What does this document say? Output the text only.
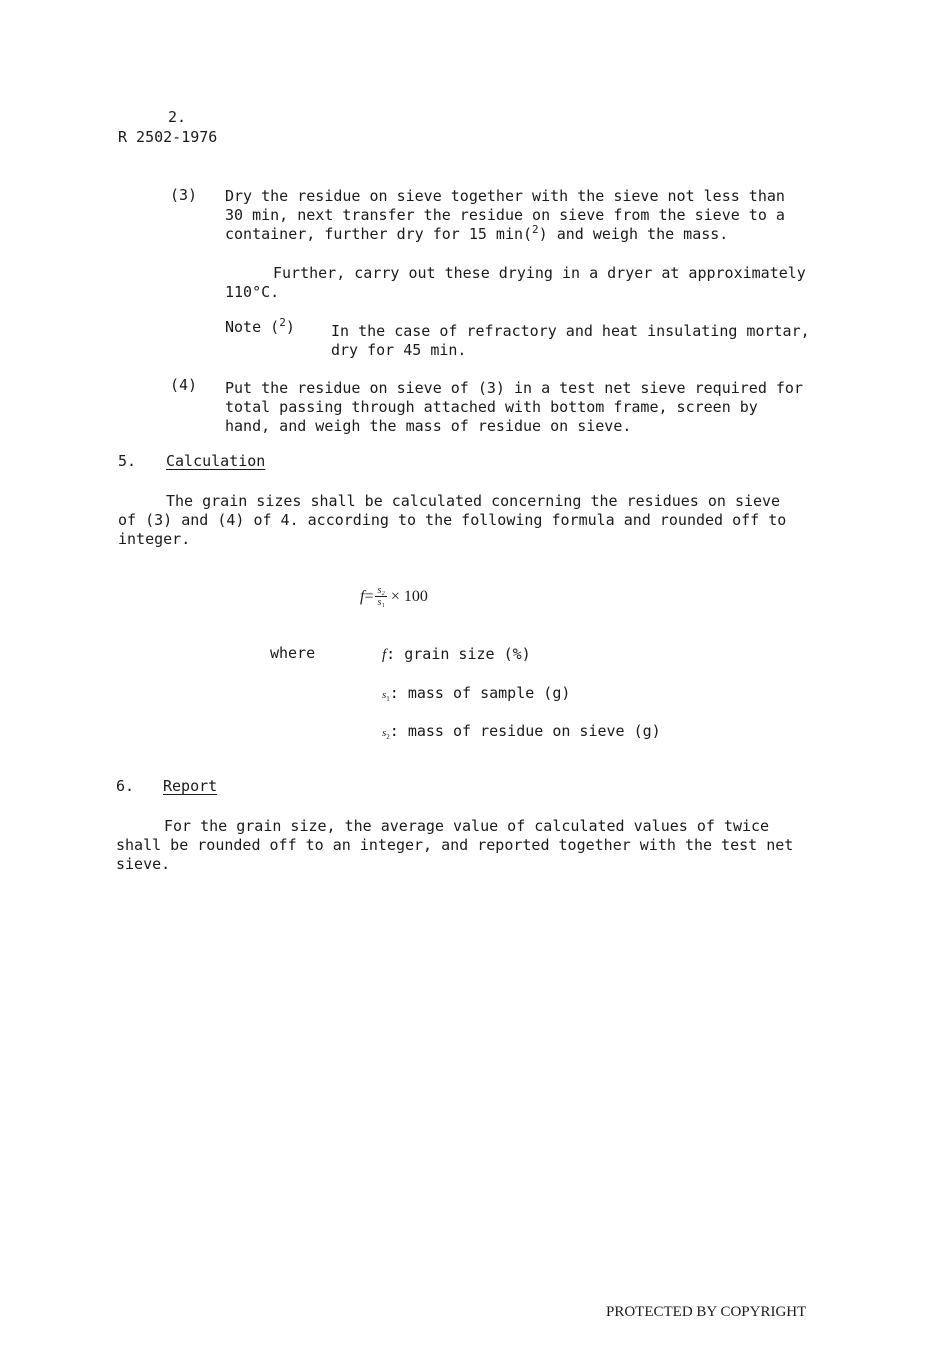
2.
R 2502-1976
(3) Dry the residue on sieve together with the sieve not less than
30 min, next transfer the residue on sieve from the sieve to a
container, further dry for 15 min($^2$) and weigh the mass.
Further, carry out these drying in a dryer at approximately
110°C.
Note ($^2$) In the case of refractory and heat insulating mortar,
dry for 45 min.
(4) Put the residue on sieve of (3) in a test net sieve required for
total passing through attached with bottom frame, screen by
hand, and weigh the mass of residue on sieve.
5. Calculation
The grain sizes shall be calculated concerning the residues on sieve
of (3) and (4) of 4. according to the following formula and rounded off to
integer.
$f = \frac{\text{s₂}}{\text{s₁}} \times 100$
where	f: grain size (%)
$s_1$: mass of sample (g)
$s_2$: mass of residue on sieve (g)
6. Report
For the grain size, the average value of calculated values of twice
shall be rounded off to an integer, and reported together with the test net
sieve.
PROTECTED BY COPYRIGHT
